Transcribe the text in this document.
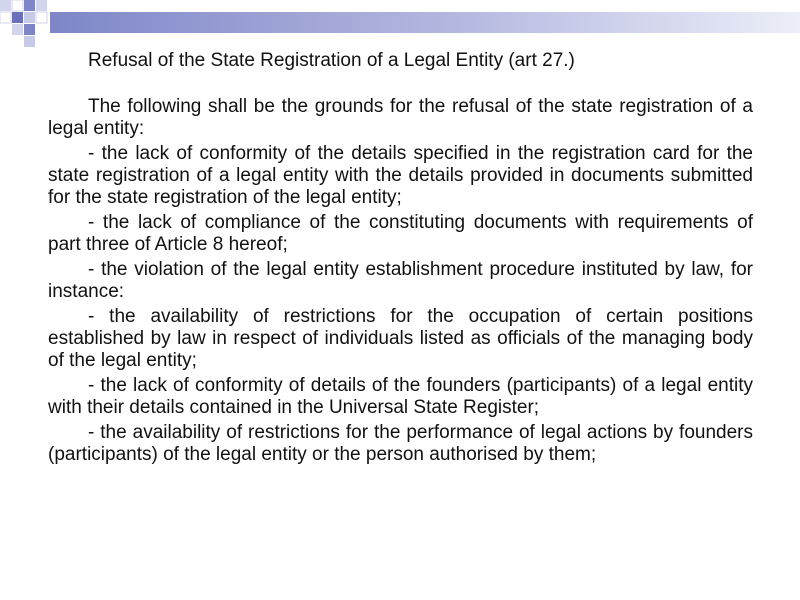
Refusal of the State Registration of a Legal Entity (art 27.)

The following shall be the grounds for the refusal of the state registration of a legal entity:

- the lack of conformity of the details specified in the registration card for the state registration of a legal entity with the details provided in documents submitted for the state registration of the legal entity;

- the lack of compliance of the constituting documents with requirements of part three of Article 8 hereof;

- the violation of the legal entity establishment procedure instituted by law, for instance:

- the availability of restrictions for the occupation of certain positions established by law in respect of individuals listed as officials of the managing body of the legal entity;

- the lack of conformity of details of the founders (participants) of a legal entity with their details contained in the Universal State Register;

- the availability of restrictions for the performance of legal actions by founders (participants) of the legal entity or the person authorised by them;
